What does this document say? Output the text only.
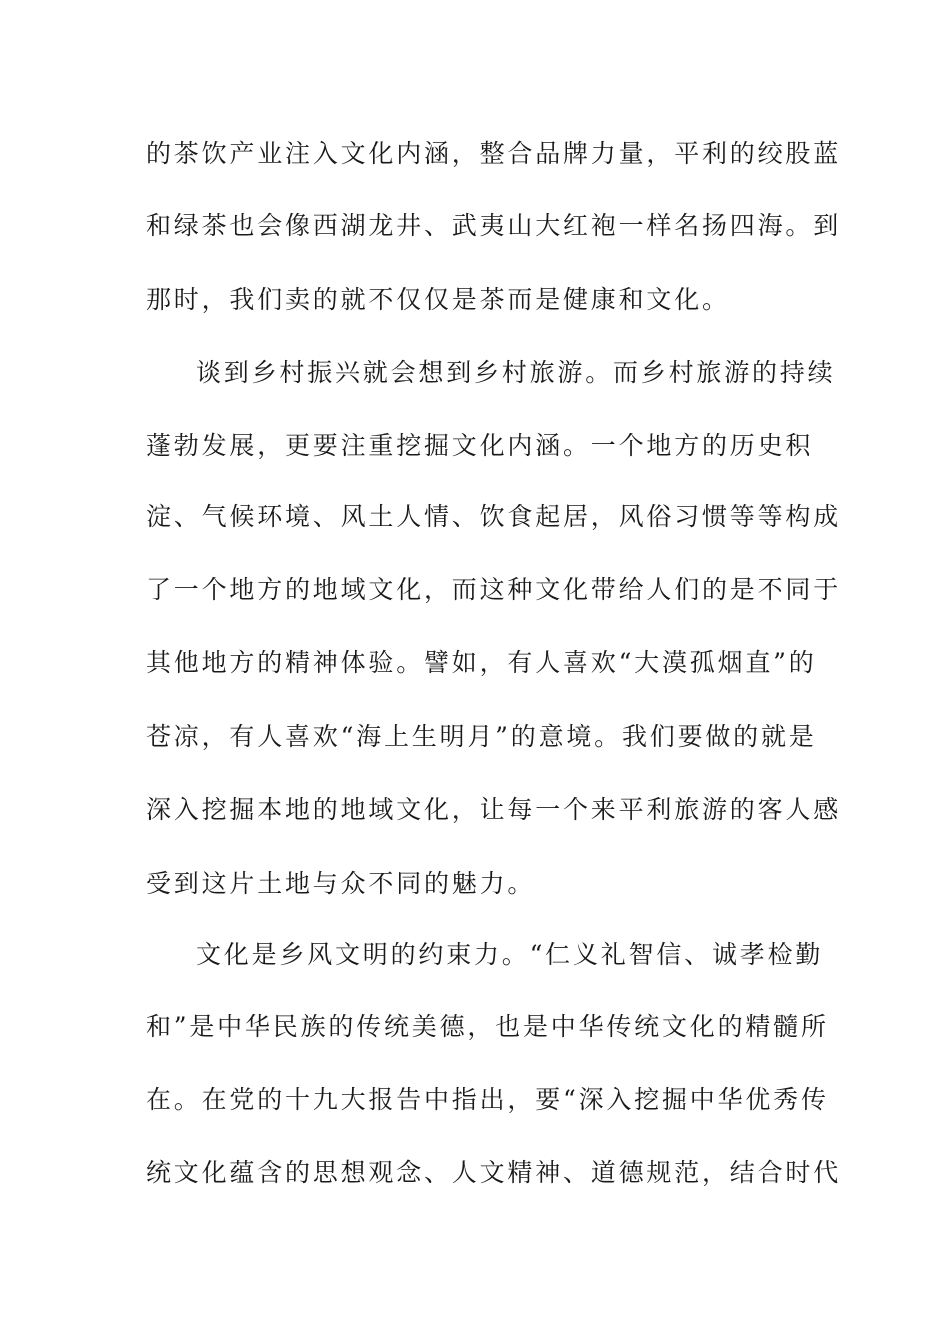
的茶饮产业注入文化内涵，整合品牌力量，平利的绞股蓝
和绿茶也会像西湖龙井、武夷山大红袍一样名扬四海。到
那时，我们卖的就不仅仅是茶而是健康和文化。
谈到乡村振兴就会想到乡村旅游。而乡村旅游的持续
蓬勃发展，更要注重挖掘文化内涵。一个地方的历史积
淀、气候环境、风土人情、饮食起居，风俗习惯等等构成
了一个地方的地域文化，而这种文化带给人们的是不同于
其他地方的精神体验。譬如，有人喜欢“大漠孤烟直”的
苍凉，有人喜欢“海上生明月”的意境。我们要做的就是
深入挖掘本地的地域文化，让每一个来平利旅游的客人感
受到这片土地与众不同的魅力。
文化是乡风文明的约束力。“仁义礼智信、诚孝检勤
和”是中华民族的传统美德，也是中华传统文化的精髓所
在。在党的十九大报告中指出，要“深入挖掘中华优秀传
统文化蕴含的思想观念、人文精神、道德规范，结合时代
